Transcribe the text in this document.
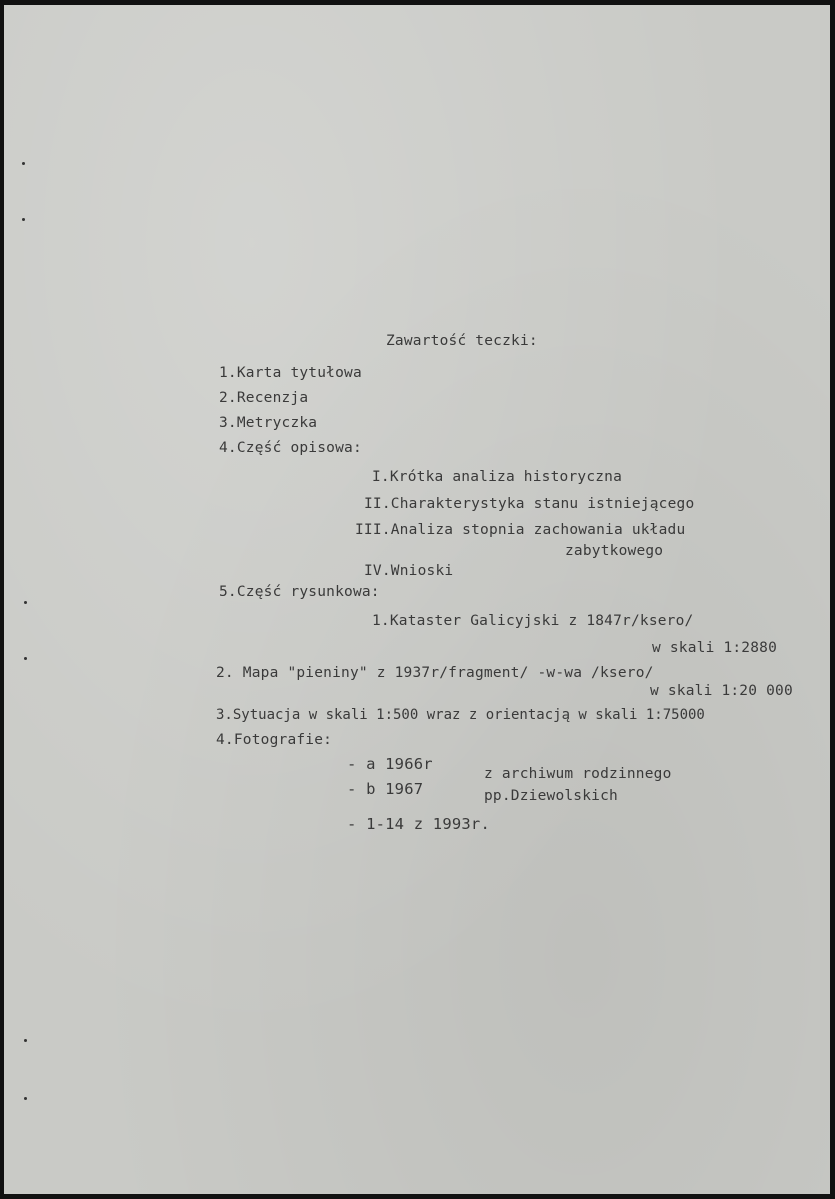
Zawartość teczki:
1.Karta tytułowa
2.Recenzja
3.Metryczka
4.Część opisowa:
I.Krótka analiza historyczna
II.Charakterystyka stanu istniejącego
III.Analiza stopnia zachowania układu
zabytkowego
IV.Wnioski
5.Część rysunkowa:
1.Kataster Galicyjski z 1847r/ksero/
w skali 1:2880
2. Mapa "pieniny" z 1937r/fragment/ -w-wa /ksero/
w skali 1:20 000
3.Sytuacja w skali 1:500 wraz z orientacją w skali 1:75000
4.Fotografie:
- a 1966r
- b 1967
z archiwum rodzinnego
pp.Dziewolskich
- 1-14 z 1993r.
